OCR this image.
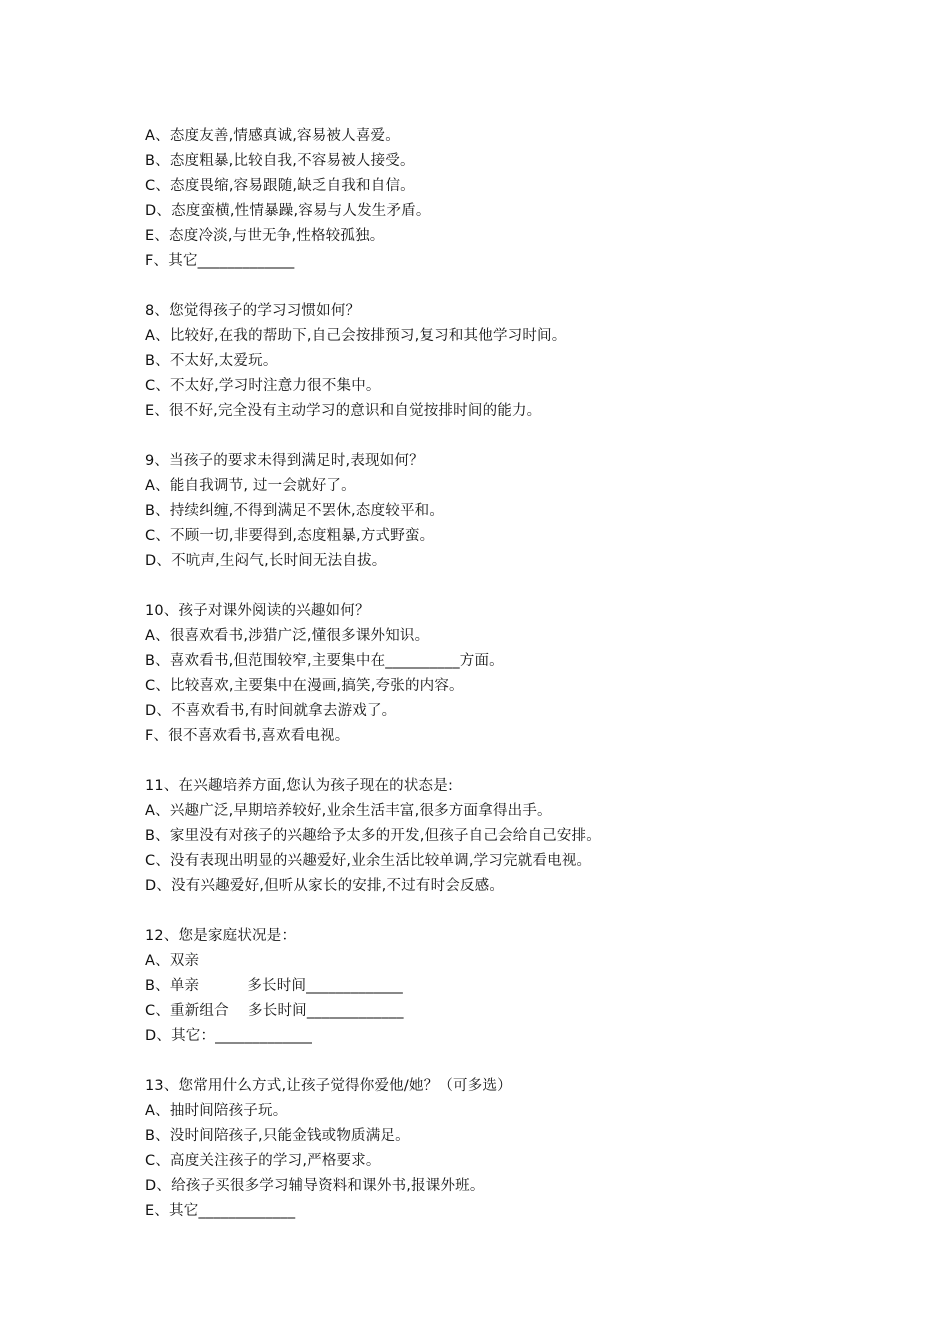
A、态度友善,情感真诚,容易被人喜爱。
B、态度粗暴,比较自我,不容易被人接受。
C、态度畏缩,容易跟随,缺乏自我和自信。
D、态度蛮横,性情暴躁,容易与人发生矛盾。
E、态度冷淡,与世无争,性格较孤独。
F、其它_____________
8、您觉得孩子的学习习惯如何？
A、比较好,在我的帮助下,自己会按排预习,复习和其他学习时间。
B、不太好,太爱玩。
C、不太好,学习时注意力很不集中。
E、很不好,完全没有主动学习的意识和自觉按排时间的能力。
9、当孩子的要求未得到满足时,表现如何？
A、能自我调节, 过一会就好了。
B、持续纠缠,不得到满足不罢休,态度较平和。
C、不顾一切,非要得到,态度粗暴,方式野蛮。
D、不吭声,生闷气,长时间无法自拔。
10、孩子对课外阅读的兴趣如何？
A、很喜欢看书,涉猎广泛,懂很多课外知识。
B、喜欢看书,但范围较窄,主要集中在__________方面。
C、比较喜欢,主要集中在漫画,搞笑,夸张的内容。
D、不喜欢看书,有时间就拿去游戏了。
F、很不喜欢看书,喜欢看电视。
11、在兴趣培养方面,您认为孩子现在的状态是:
A、兴趣广泛,早期培养较好,业余生活丰富,很多方面拿得出手。
B、家里没有对孩子的兴趣给予太多的开发,但孩子自己会给自己安排。
C、没有表现出明显的兴趣爱好,业余生活比较单调,学习完就看电视。
D、没有兴趣爱好,但听从家长的安排,不过有时会反感。
12、您是家庭状况是：
A、双亲
B、单亲          多长时间_____________
C、重新组合    多长时间_____________
D、其它：_____________
13、您常用什么方式,让孩子觉得你爱他/她？（可多选）
A、抽时间陪孩子玩。
B、没时间陪孩子,只能金钱或物质满足。
C、高度关注孩子的学习,严格要求。
D、给孩子买很多学习辅导资料和课外书,报课外班。
E、其它_____________
